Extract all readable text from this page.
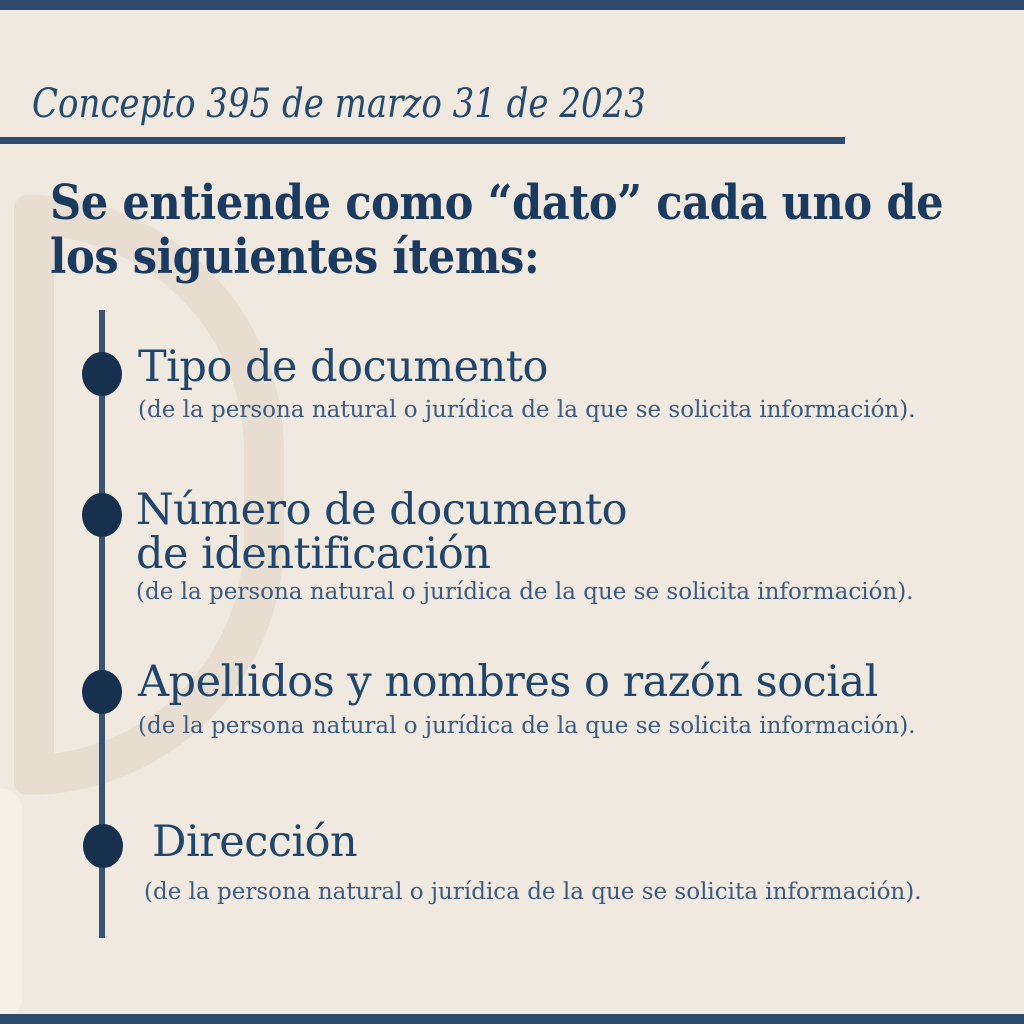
Concepto 395 de marzo 31 de 2023
Se entiende como “dato” cada uno de
los siguientes ítems:
Tipo de documento
(de la persona natural o jurídica de la que se solicita información).
Número de documento
de identificación
(de la persona natural o jurídica de la que se solicita información).
Apellidos y nombres o razón social
(de la persona natural o jurídica de la que se solicita información).
Dirección
(de la persona natural o jurídica de la que se solicita información).
